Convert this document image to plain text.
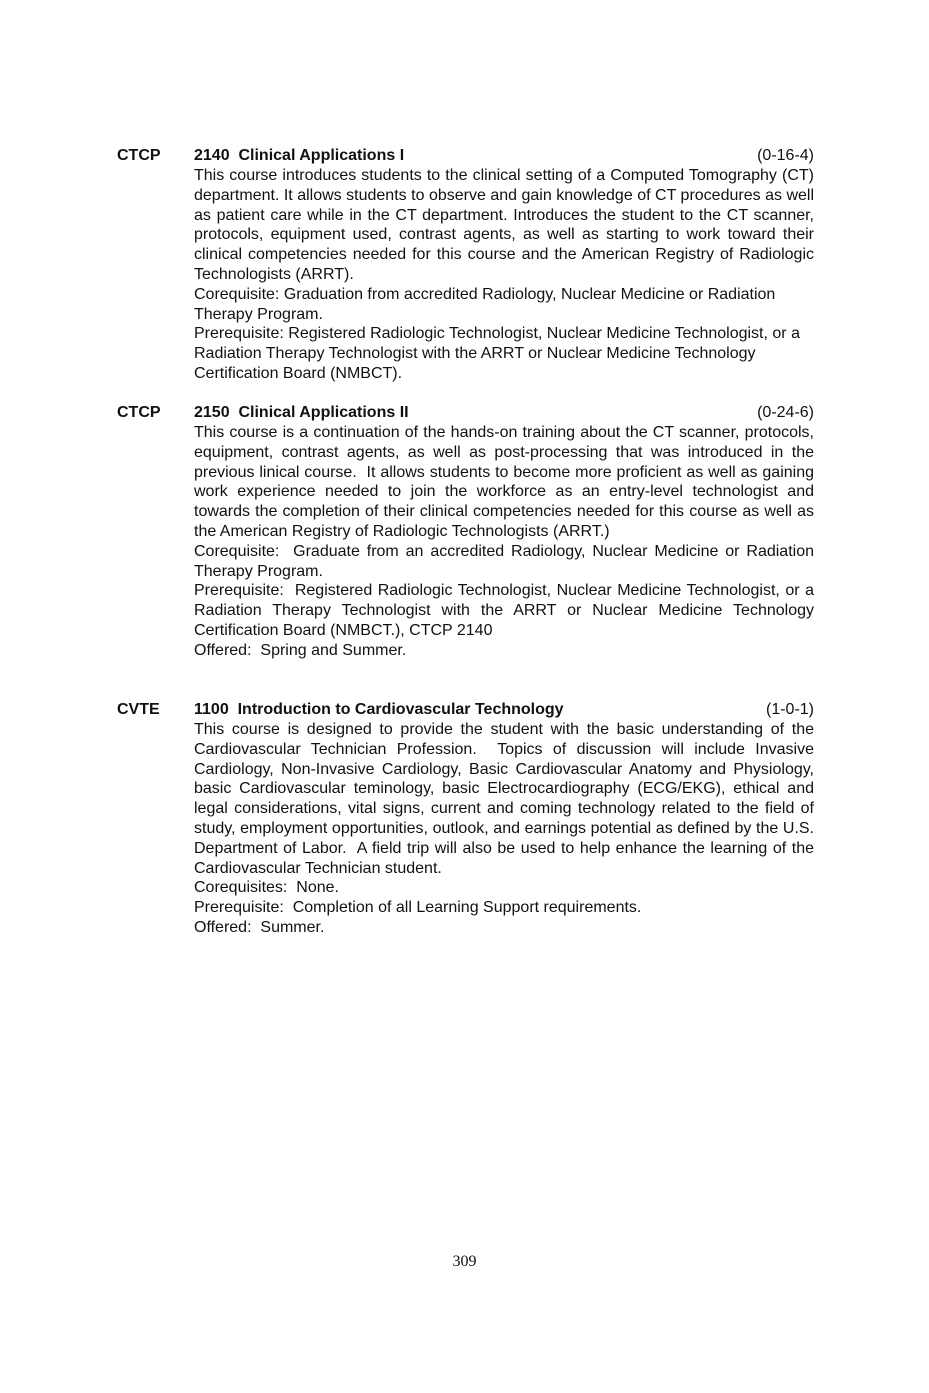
CTCP 2140  Clinical Applications I	(0-16-4)

This course introduces students to the clinical setting of a Computed Tomography (CT) department. It allows students to observe and gain knowledge of CT procedures as well as patient care while in the CT department. Introduces the student to the CT scanner, protocols, equipment used, contrast agents, as well as starting to work toward their clinical competencies needed for this course and the American Registry of Radiologic Technologists (ARRT).

Corequisite: Graduation from accredited Radiology, Nuclear Medicine or Radiation Therapy Program.

Prerequisite: Registered Radiologic Technologist, Nuclear Medicine Technologist, or a Radiation Therapy Technologist with the ARRT or Nuclear Medicine Technology Certification Board (NMBCT).

CTCP 2150  Clinical Applications II	(0-24-6)

This course is a continuation of the hands-on training about the CT scanner, protocols, equipment, contrast agents, as well as post-processing that was introduced in the previous linical course.  It allows students to become more proficient as well as gaining work experience needed to join the workforce as an entry-level technologist and towards the completion of their clinical competencies needed for this course as well as the American Registry of Radiologic Technologists (ARRT.)

Corequisite:  Graduate from an accredited Radiology, Nuclear Medicine or Radiation Therapy Program.

Prerequisite:  Registered Radiologic Technologist, Nuclear Medicine Technologist, or a Radiation Therapy Technologist with the ARRT or Nuclear Medicine Technology Certification Board (NMBCT.), CTCP 2140

Offered:  Spring and Summer.

CVTE 1100  Introduction to Cardiovascular Technology	(1-0-1)

This course is designed to provide the student with the basic understanding of the Cardiovascular Technician Profession.  Topics of discussion will include Invasive Cardiology, Non-Invasive Cardiology, Basic Cardiovascular Anatomy and Physiology, basic Cardiovascular teminology, basic Electrocardiography (ECG/EKG), ethical and legal considerations, vital signs, current and coming technology related to the field of study, employment opportunities, outlook, and earnings potential as defined by the U.S. Department of Labor.  A field trip will also be used to help enhance the learning of the Cardiovascular Technician student.

Corequisites:  None.

Prerequisite:  Completion of all Learning Support requirements.

Offered:  Summer.

309
